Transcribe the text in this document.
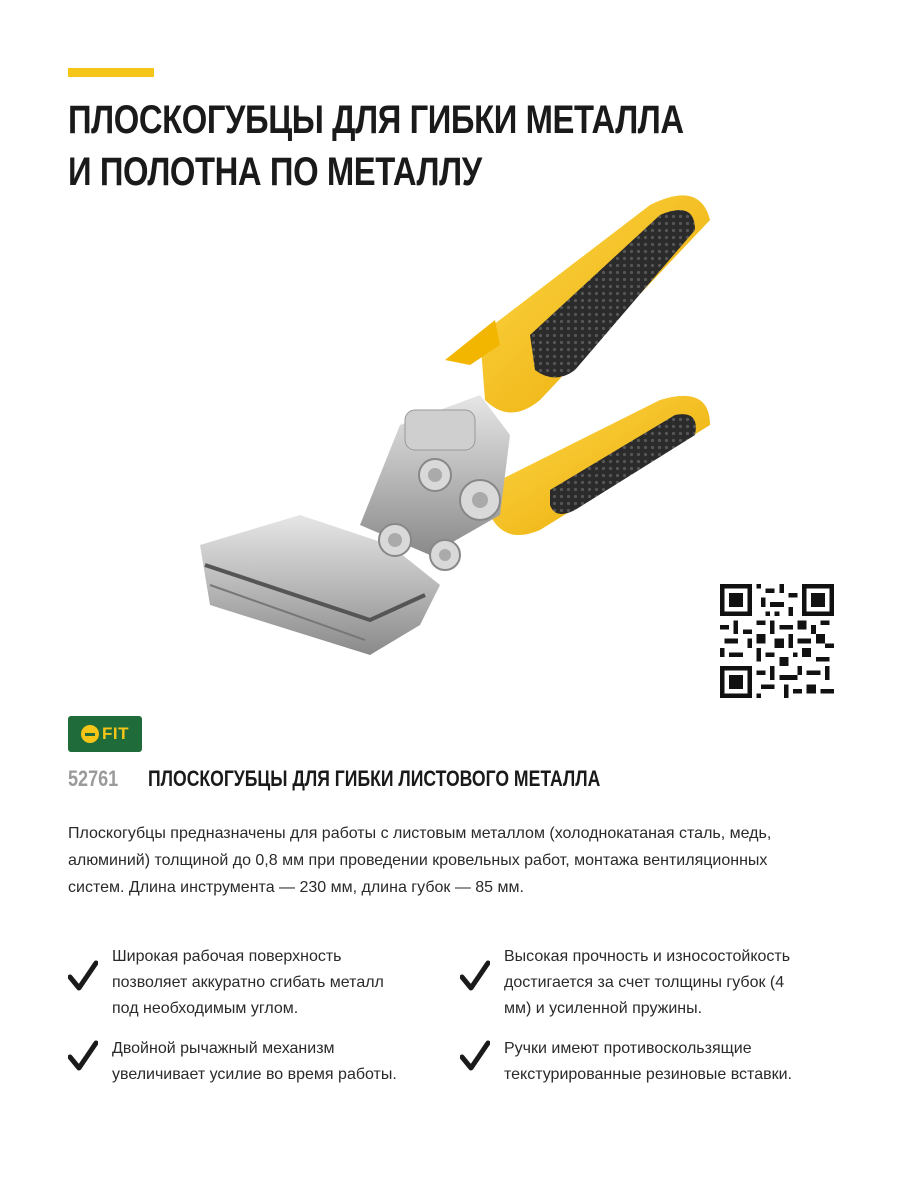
ПЛОСКОГУБЦЫ ДЛЯ ГИБКИ МЕТАЛЛА
И ПОЛОТНА ПО МЕТАЛЛУ
FIT
52761 ПЛОСКОГУБЦЫ ДЛЯ ГИБКИ ЛИСТОВОГО МЕТАЛЛА

Плоскогубцы предназначены для работы с листовым металлом (холоднокатаная сталь, медь, алюминий) толщиной до 0,8 мм при проведении кровельных работ, монтажа вентиляционных систем. Длина инструмента — 230 мм, длина губок — 85 мм.

Широкая рабочая поверхность позволяет аккуратно сгибать металл под необходимым углом.
Высокая прочность и износостойкость достигается за счет толщины губок (4 мм) и усиленной пружины.
Двойной рычажный механизм увеличивает усилие во время работы.
Ручки имеют противоскользящие текстурированные резиновые вставки.
